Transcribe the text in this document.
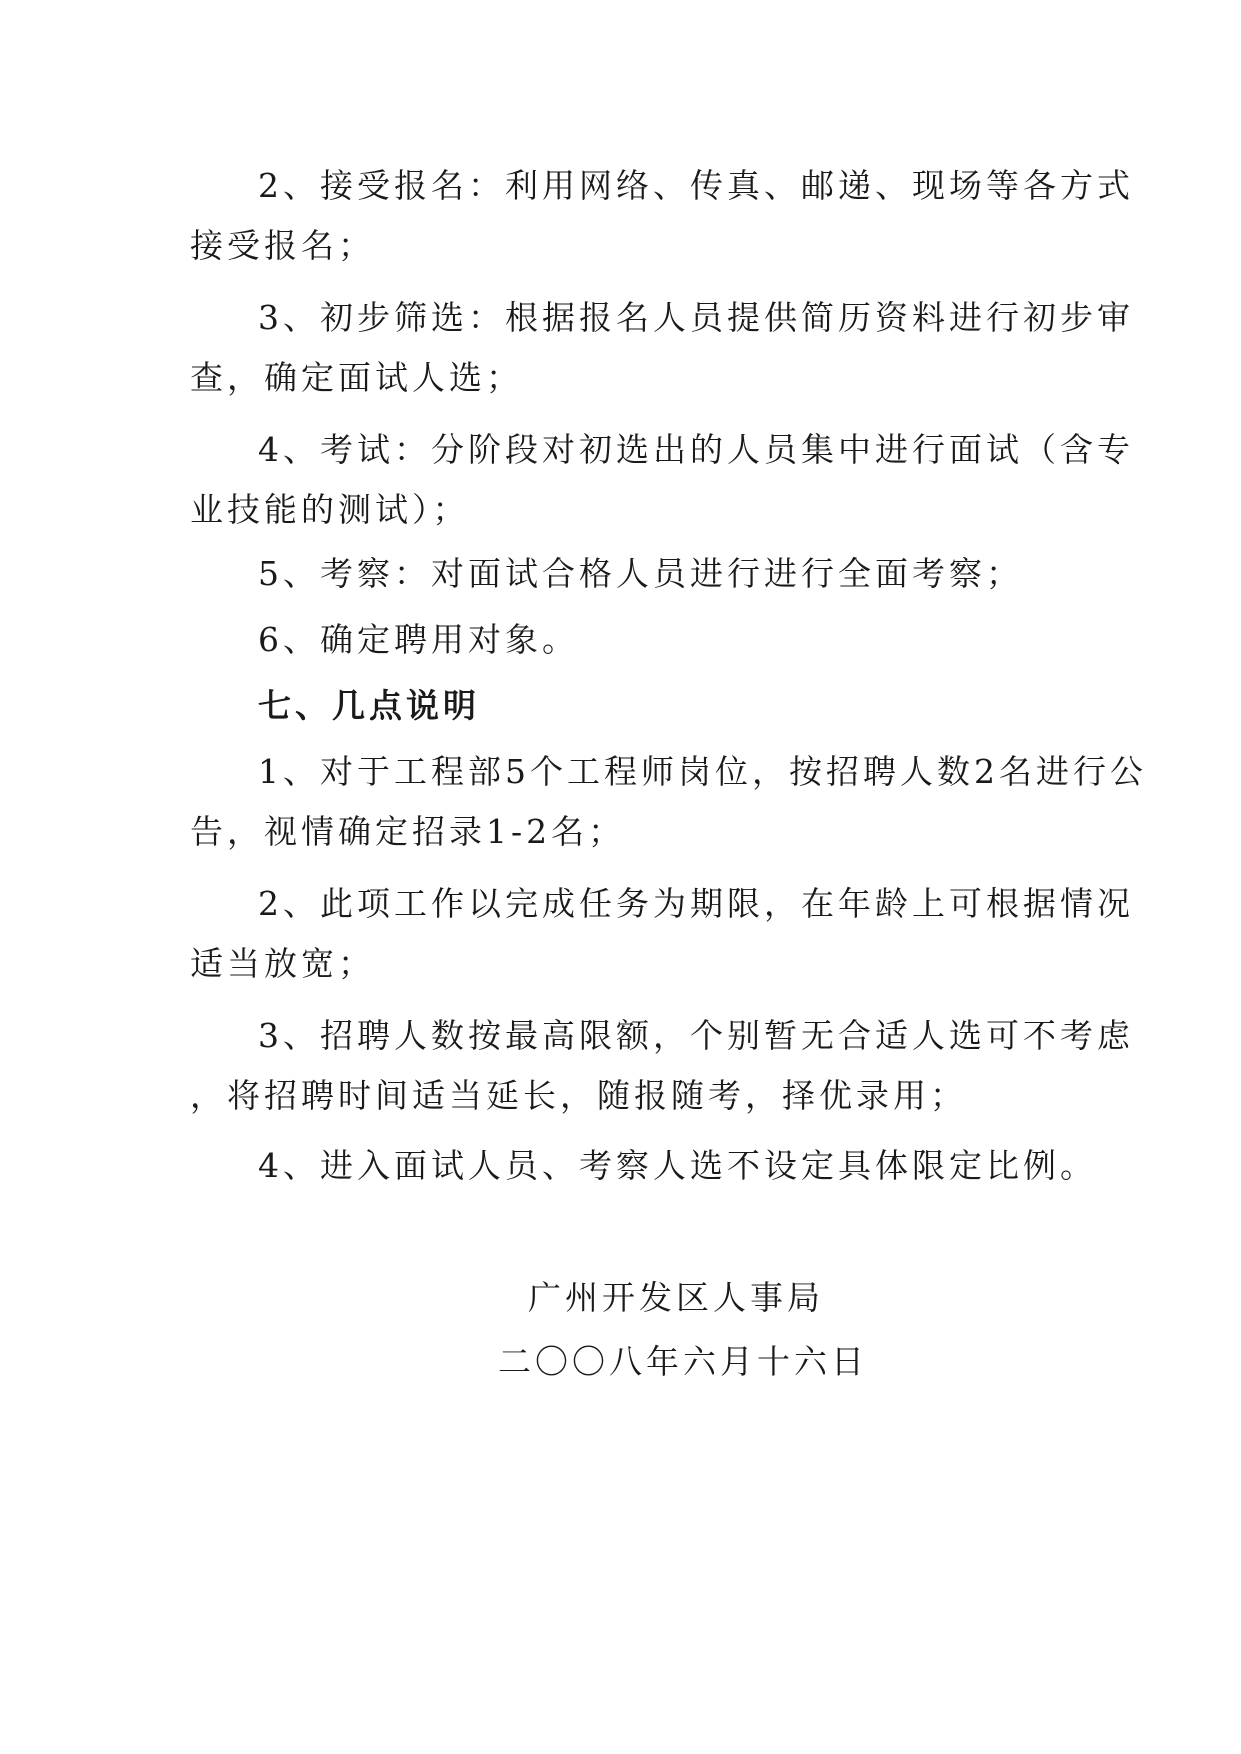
2、接受报名：利用网络、传真、邮递、现场等各方式
接受报名；
3、初步筛选：根据报名人员提供简历资料进行初步审
查，确定面试人选；
4、考试：分阶段对初选出的人员集中进行面试（含专
业技能的测试）；
5、考察：对面试合格人员进行进行全面考察；
6、确定聘用对象。
七、几点说明
1、对于工程部5个工程师岗位，按招聘人数2名进行公
告，视情确定招录1-2名；
2、此项工作以完成任务为期限，在年龄上可根据情况
适当放宽；
3、招聘人数按最高限额，个别暂无合适人选可不考虑
，将招聘时间适当延长，随报随考，择优录用；
4、进入面试人员、考察人选不设定具体限定比例。
广州开发区人事局
二〇〇八年六月十六日
